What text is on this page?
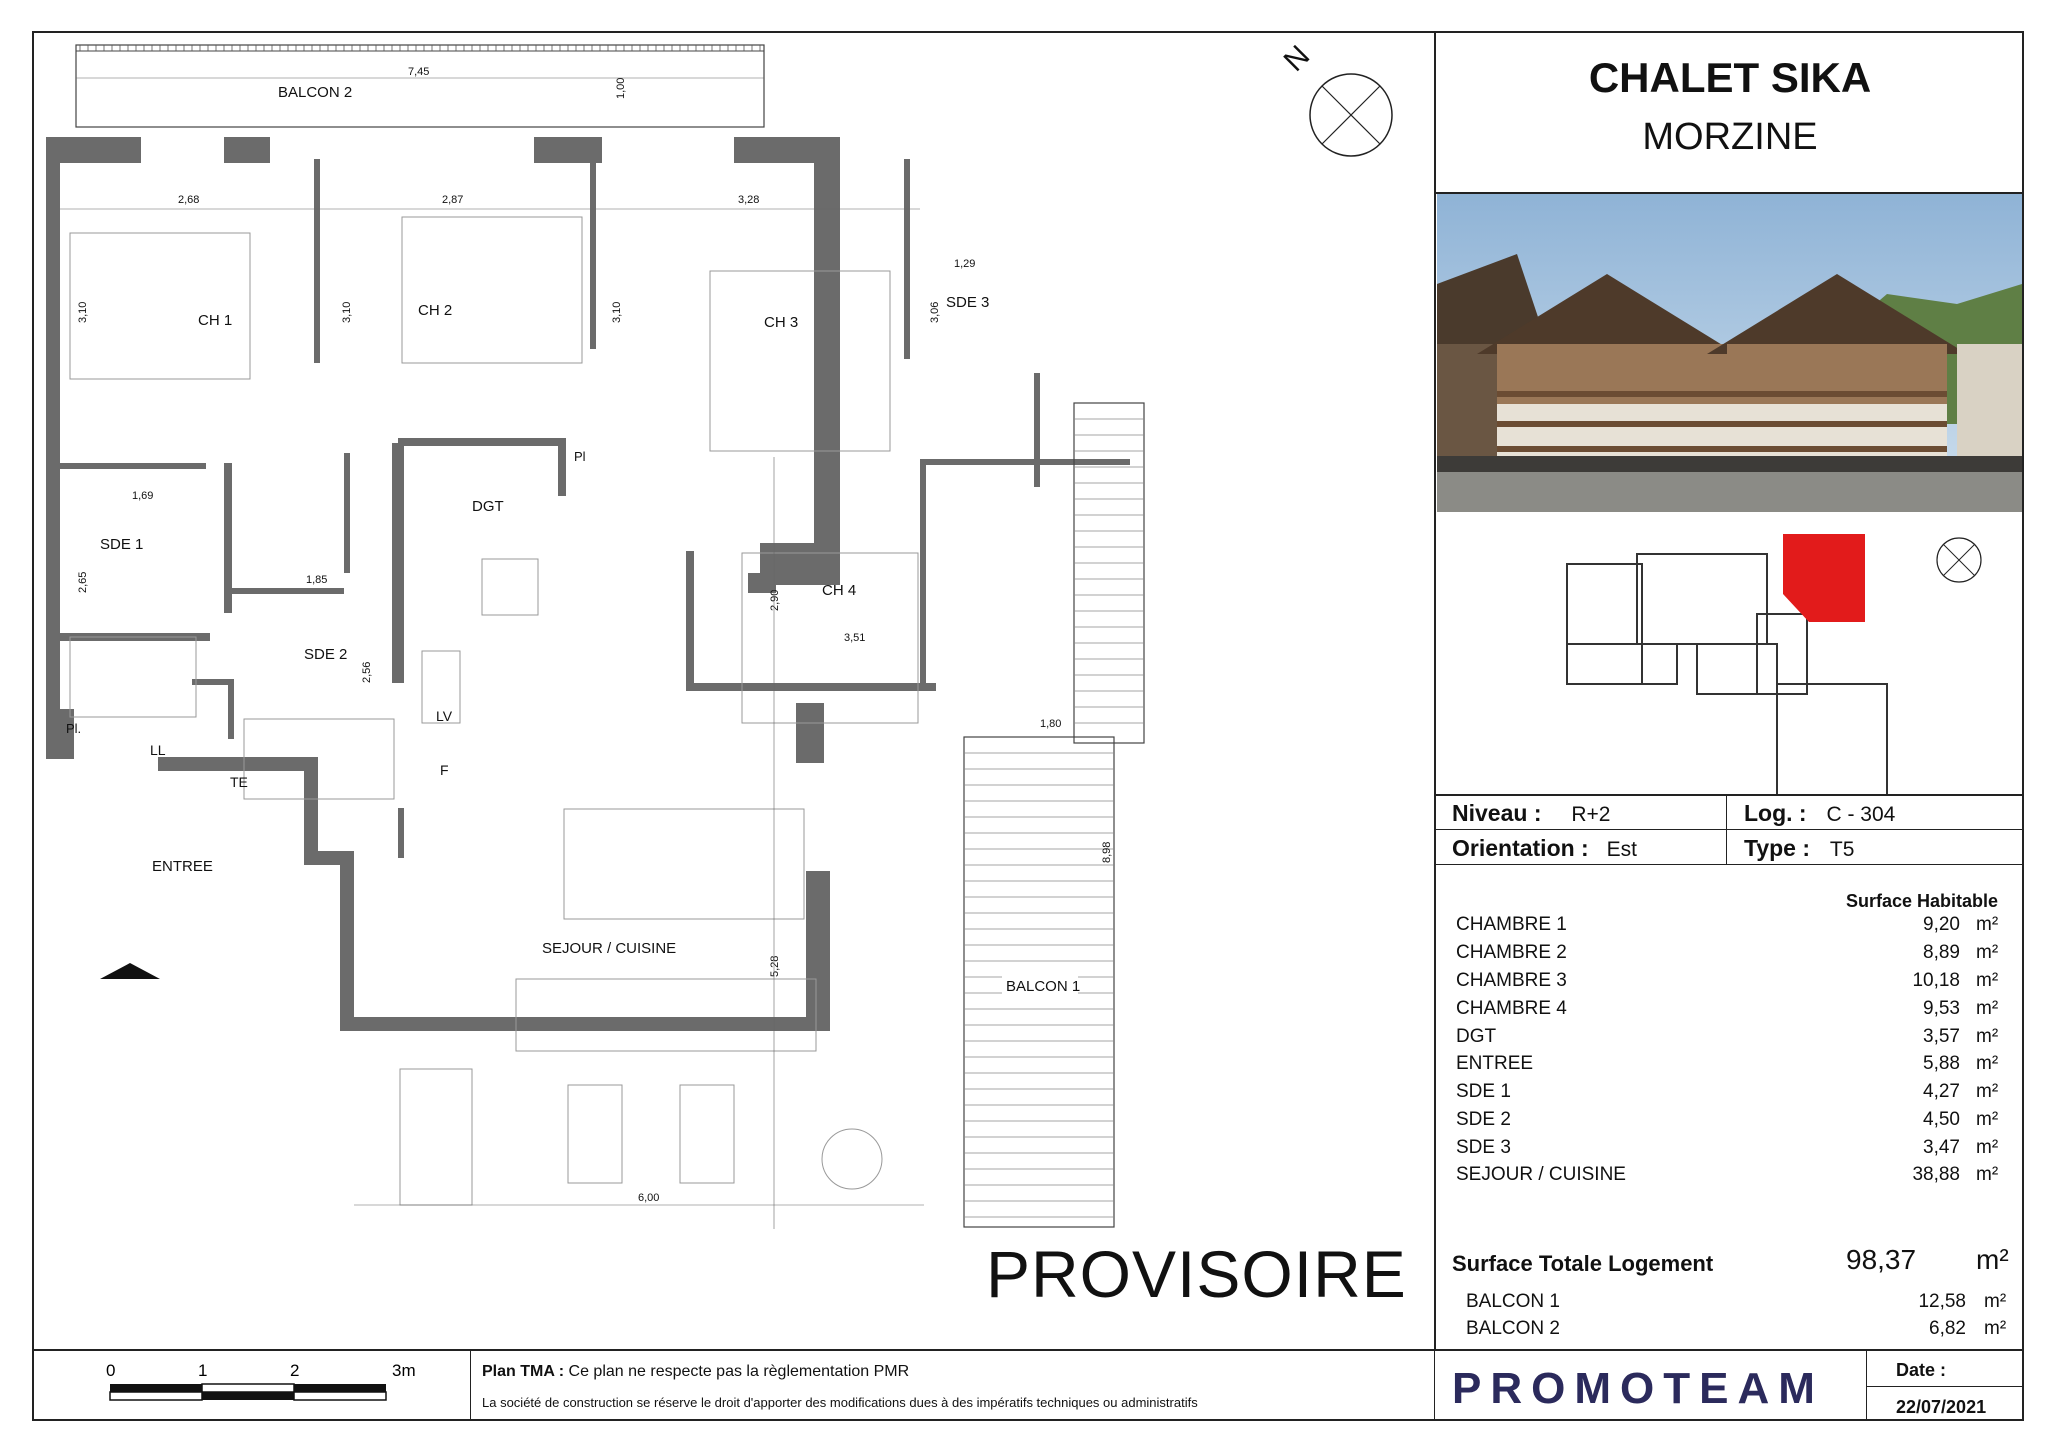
N
BALCON 2
7,45
1,00
BALCON 1
1,80
8,98
CH 1
CH 2
CH 3
CH 4
SDE 1
SDE 2
SDE 3
DGT
ENTREE
SEJOUR / CUISINE
LL
TE
LV
F
Pl.
Pl
2,68	2,87	3,28
1,29
3,10	3,10	3,10	3,06
1,69
2,65	1,85
2,56
2,90
3,51
5,28
6,00
CHALET SIKA
MORZINE
Niveau : R+2	Log. : C - 304
Orientation : Est	Type : T5
Surface Habitable
CHAMBRE 1	9,20 m²
CHAMBRE 2	8,89 m²
CHAMBRE 3	10,18 m²
CHAMBRE 4	9,53 m²
DGT	3,57 m²
ENTREE	5,88 m²
SDE 1	4,27 m²
SDE 2	4,50 m²
SDE 3	3,47 m²
SEJOUR / CUISINE	38,88 m²
Surface Totale Logement	98,37 m²
BALCON 1	12,58 m²
BALCON 2	6,82 m²
PROVISOIRE
0	1	2	3m	Plan TMA : Ce plan ne respecte pas la règlementation PMR
La société de construction se réserve le droit d'apporter des modifications dues à des impératifs techniques ou administratifs	PROMOTEAM	Date :
22/07/2021
